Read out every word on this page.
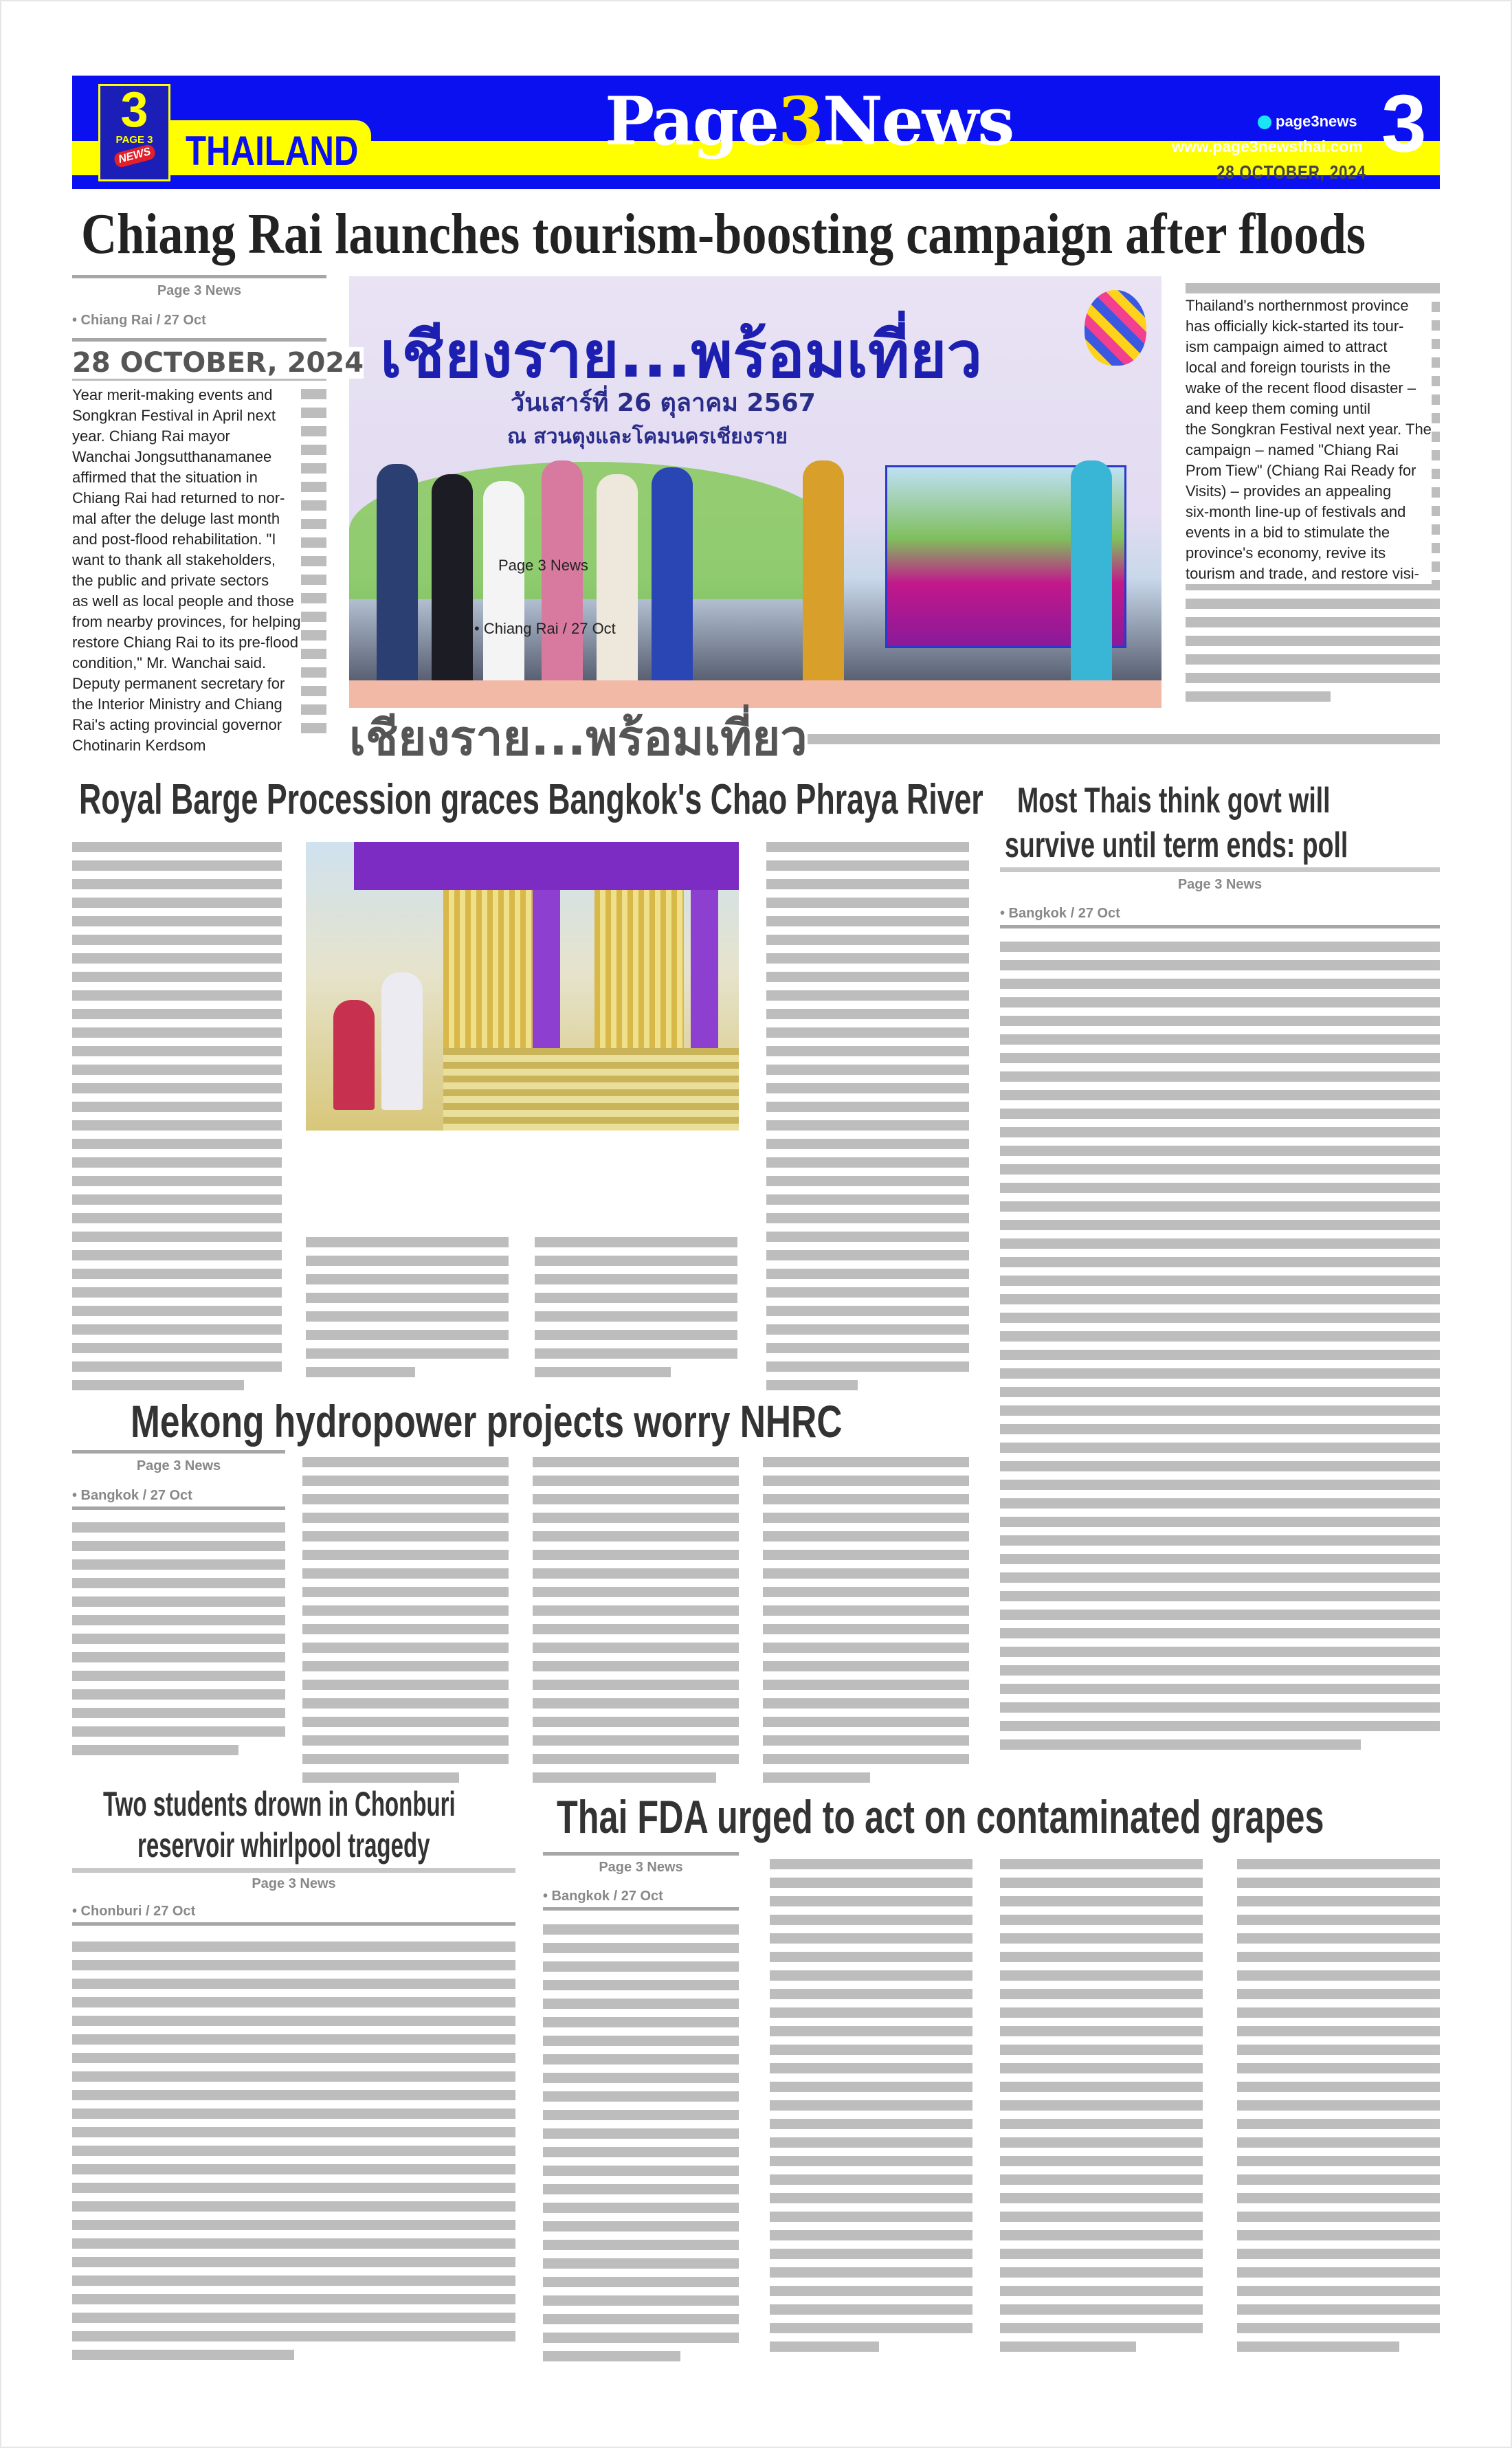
3
PAGE 3
NEWS THAILAND	Page3News	page3news
www.page3newsthai.com 3
28 OCTOBER, 2024
Chiang Rai launches tourism-boosting campaign after floods
Page 3 News
• Chiang Rai / 27 Oct	เชียงราย...พร้อมเที่ยว
วันเสาร์ที่ 26 ตุลาคม 2567
ณ สวนตุงและโคมนครเชียงราย
28 OCTOBER, 2024
Year merit-making events and
Songkran Festival in April next
year. Chiang Rai mayor
Wanchai Jongsutthanamanee
affirmed that the situation in
Chiang Rai had returned to nor-
mal after the deluge last month
and post-flood rehabilitation. "I
want to thank all stakeholders,
the public and private sectors
as well as local people and those
from nearby provinces, for helping
restore Chiang Rai to its pre-flood
condition," Mr. Wanchai said.
Deputy permanent secretary for
the Interior Ministry and Chiang
Rai's acting provincial governor
Chotinarin Kerdsom
Page 3 News
• Chiang Rai / 27 Oct
Thailand's northernmost province
has officially kick-started its tour-
ism campaign aimed to attract
local and foreign tourists in the
wake of the recent flood disaster –
and keep them coming until
the Songkran Festival next year. The
campaign – named "Chiang Rai
Prom Tiew" (Chiang Rai Ready for
Visits) – provides an appealing
six-month line-up of festivals and
events in a bid to stimulate the
province's economy, revive its
tourism and trade, and restore visi-
เชียงราย...พร้อมเที่ยว
Royal Barge Procession graces Bangkok's Chao Phraya River Most Thais think govt will
survive until term ends: poll
Page 3 News
• Bangkok / 27 Oct
Mekong hydropower projects worry NHRC
Page 3 News
• Bangkok / 27 Oct
Two students drown in Chonburi
reservoir whirlpool tragedy
Page 3 News
• Chonburi / 27 Oct
Thai FDA urged to act on contaminated grapes
Page 3 News
• Bangkok / 27 Oct
